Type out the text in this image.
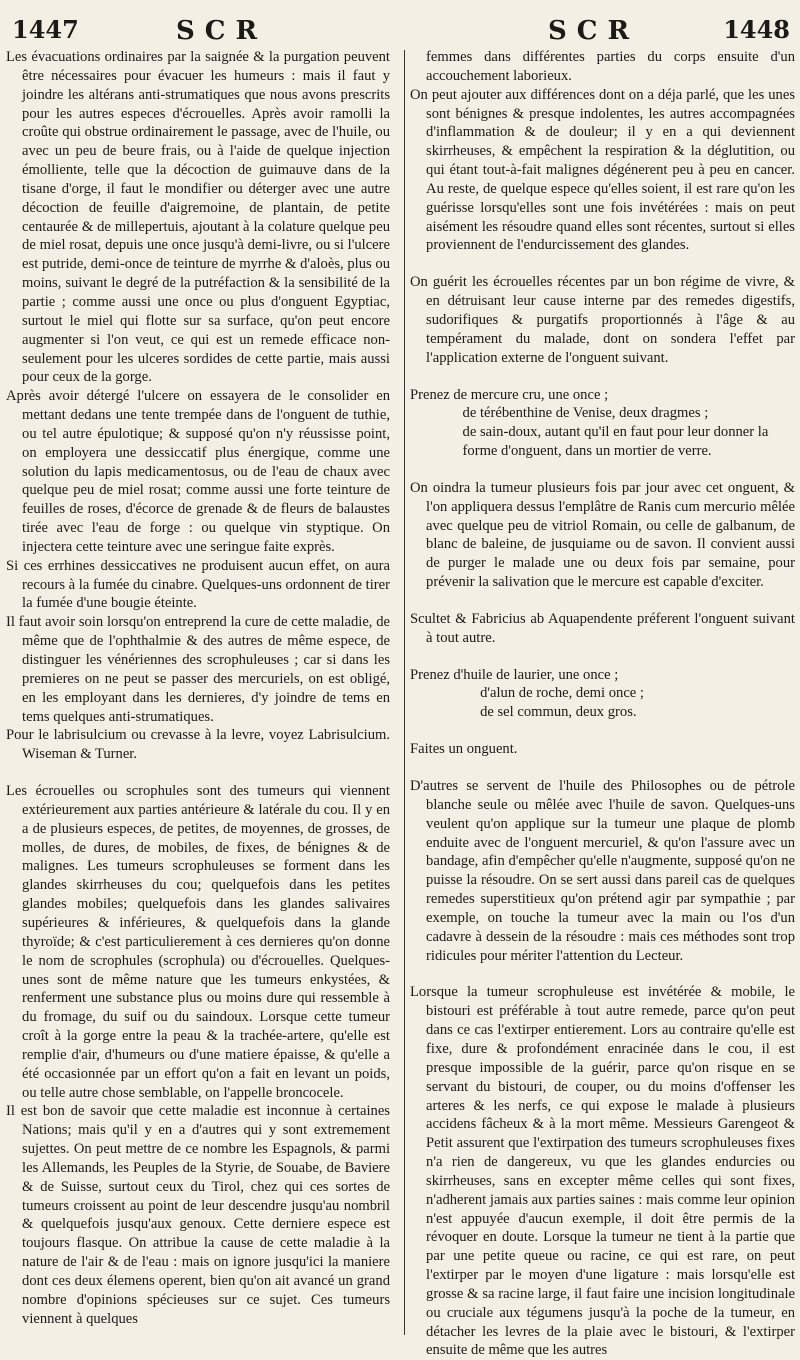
1447	SCR	SCR	1448

Les évacuations ordinaires par la saignée & la purgation peuvent être nécessaires pour évacuer les humeurs : mais il faut y joindre les altérans anti-strumatiques que nous avons prescrits pour les autres especes d'écrouelles. Après avoir ramolli la croûte qui obstrue ordinairement le passage, avec de l'huile, ou avec un peu de beure frais, ou à l'aide de quelque injection émolliente, telle que la décoction de guimauve dans de la tisane d'orge, il faut le mondifier ou déterger avec une autre décoction de feuille d'aigremoine, de plantain, de petite centaurée & de millepertuis, ajoutant à la colature quelque peu de miel rosat, depuis une once jusqu'à demi-livre, ou si l'ulcere est putride, demi-once de teinture de myrrhe & d'aloès, plus ou moins, suivant le degré de la putréfaction & la sensibilité de la partie ; comme aussi une once ou plus d'onguent Egyptiac, surtout le miel qui flotte sur sa surface, qu'on peut encore augmenter si l'on veut, ce qui est un remede efficace non-seulement pour les ulceres sordides de cette partie, mais aussi pour ceux de la gorge.

Après avoir détergé l'ulcere on essayera de le consolider en mettant dedans une tente trempée dans de l'onguent de tuthie, ou tel autre épulotique; & supposé qu'on n'y réussisse point, on employera une dessiccatif plus énergique, comme une solution du lapis medicamentosus, ou de l'eau de chaux avec quelque peu de miel rosat; comme aussi une forte teinture de feuilles de roses, d'écorce de grenade & de fleurs de balaustes tirée avec l'eau de forge : ou quelque vin styptique. On injectera cette teinture avec une seringue faite exprès.

Si ces errhines dessiccatives ne produisent aucun effet, on aura recours à la fumée du cinabre. Quelques-uns ordonnent de tirer la fumée d'une bougie éteinte.

Il faut avoir soin lorsqu'on entreprend la cure de cette maladie, de même que de l'ophthalmie & des autres de même espece, de distinguer les vénériennes des scrophuleuses ; car si dans les premieres on ne peut se passer des mercuriels, on est obligé, en les employant dans les dernieres, d'y joindre de tems en tems quelques anti-strumatiques.

Pour le labrisulcium ou crevasse à la levre, voyez Labrisulcium. Wiseman & Turner.

Les écrouelles ou scrophules sont des tumeurs qui viennent extérieurement aux parties antérieure & latérale du cou. Il y en a de plusieurs especes, de petites, de moyennes, de grosses, de molles, de dures, de mobiles, de fixes, de bénignes & de malignes. Les tumeurs scrophuleuses se forment dans les glandes skirrheuses du cou; quelquefois dans les petites glandes mobiles; quelquefois dans les glandes salivaires supérieures & inférieures, & quelquefois dans la glande thyroïde; & c'est particulierement à ces dernieres qu'on donne le nom de scrophules (scrophula) ou d'écrouelles. Quelques-unes sont de même nature que les tumeurs enkystées, & renferment une substance plus ou moins dure qui ressemble à du fromage, du suif ou du saindoux. Lorsque cette tumeur croît à la gorge entre la peau & la trachée-artere, qu'elle est remplie d'air, d'humeurs ou d'une matiere épaisse, & qu'elle a été occasionnée par un effort qu'on a fait en levant un poids, ou telle autre chose semblable, on l'appelle broncocele.

Il est bon de savoir que cette maladie est inconnue à certaines Nations; mais qu'il y en a d'autres qui y sont extremement sujettes. On peut mettre de ce nombre les Espagnols, & parmi les Allemands, les Peuples de la Styrie, de Souabe, de Baviere & de Suisse, surtout ceux du Tirol, chez qui ces sortes de tumeurs croissent au point de leur descendre jusqu'au nombril & quelquefois jusqu'aux genoux. Cette derniere espece est toujours flasque. On attribue la cause de cette maladie à la nature de l'air & de l'eau : mais on ignore jusqu'ici la maniere dont ces deux élemens operent, bien qu'on ait avancé un grand nombre d'opinions spécieuses sur ce sujet. Ces tumeurs viennent à quelques

femmes dans différentes parties du corps ensuite d'un accouchement laborieux.

On peut ajouter aux différences dont on a déja parlé, que les unes sont bénignes & presque indolentes, les autres accompagnées d'inflammation & de douleur; il y en a qui deviennent skirrheuses, & empêchent la respiration & la déglutition, ou qui étant tout-à-fait malignes dégénerent peu à peu en cancer. Au reste, de quelque espece qu'elles soient, il est rare qu'on les guérisse lorsqu'elles sont une fois invétérées : mais on peut aisément les résoudre quand elles sont récentes, surtout si elles proviennent de l'endurcissement des glandes.

On guérit les écrouelles récentes par un bon régime de vivre, & en détruisant leur cause interne par des remedes digestifs, sudorifiques & purgatifs proportionnés à l'âge & au tempérament du malade, dont on sondera l'effet par l'application externe de l'onguent suivant.

Prenez de mercure cru, une once ;

de térébenthine de Venise, deux dragmes ;

de sain-doux, autant qu'il en faut pour leur donner la forme d'onguent, dans un mortier de verre.

On oindra la tumeur plusieurs fois par jour avec cet onguent, & l'on appliquera dessus l'emplâtre de Ranis cum mercurio mêlée avec quelque peu de vitriol Romain, ou celle de galbanum, de blanc de baleine, de jusquiame ou de savon. Il convient aussi de purger le malade une ou deux fois par semaine, pour prévenir la salivation que le mercure est capable d'exciter.

Scultet & Fabricius ab Aquapendente préferent l'onguent suivant à tout autre.

Prenez d'huile de laurier, une once ;

d'alun de roche, demi once ;

de sel commun, deux gros.

Faites un onguent.

D'autres se servent de l'huile des Philosophes ou de pétrole blanche seule ou mêlée avec l'huile de savon. Quelques-uns veulent qu'on applique sur la tumeur une plaque de plomb enduite avec de l'onguent mercuriel, & qu'on l'assure avec un bandage, afin d'empêcher qu'elle n'augmente, supposé qu'on ne puisse la résoudre. On se sert aussi dans pareil cas de quelques remedes superstitieux qu'on prétend agir par sympathie ; par exemple, on touche la tumeur avec la main ou l'os d'un cadavre à dessein de la résoudre : mais ces méthodes sont trop ridicules pour mériter l'attention du Lecteur.

Lorsque la tumeur scrophuleuse est invétérée & mobile, le bistouri est préférable à tout autre remede, parce qu'on peut dans ce cas l'extirper entierement. Lors au contraire qu'elle est fixe, dure & profondément enracinée dans le cou, il est presque impossible de la guérir, parce qu'on risque en se servant du bistouri, de couper, ou du moins d'offenser les arteres & les nerfs, ce qui expose le malade à plusieurs accidens fâcheux & à la mort même. Messieurs Garengeot & Petit assurent que l'extirpation des tumeurs scrophuleuses fixes n'a rien de dangereux, vu que les glandes endurcies ou skirrheuses, sans en excepter même celles qui sont fixes, n'adherent jamais aux parties saines : mais comme leur opinion n'est appuyée d'aucun exemple, il doit être permis de la révoquer en doute. Lorsque la tumeur ne tient à la partie que par une petite queue ou racine, ce qui est rare, on peut l'extirper par le moyen d'une ligature : mais lorsqu'elle est grosse & sa racine large, il faut faire une incision longitudinale ou cruciale aux tégumens jusqu'à la poche de la tumeur, en détacher les levres de la plaie avec le bistouri, & l'extirper ensuite de même que les autres
